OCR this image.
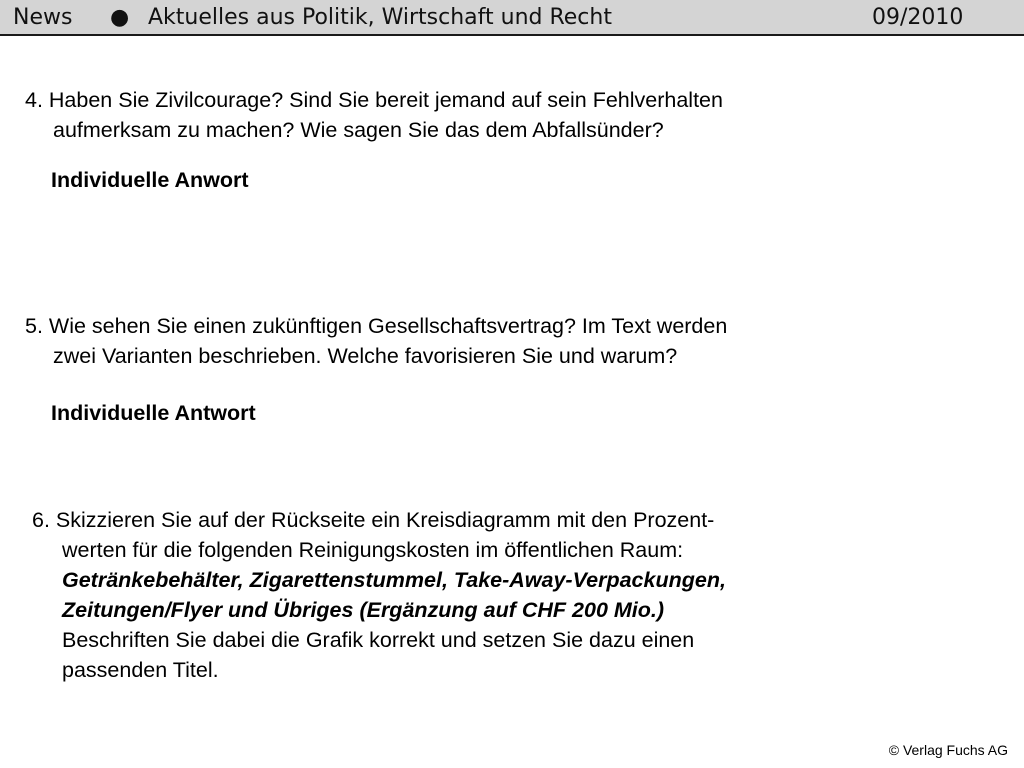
News ● Aktuelles aus Politik, Wirtschaft und Recht	09/2010
4. Haben Sie Zivilcourage? Sind Sie bereit jemand auf sein Fehlverhalten
aufmerksam zu machen? Wie sagen Sie das dem Abfallsünder?
Individuelle Anwort
5. Wie sehen Sie einen zukünftigen Gesellschaftsvertrag? Im Text werden
zwei Varianten beschrieben. Welche favorisieren Sie und warum?
Individuelle Antwort
6. Skizzieren Sie auf der Rückseite ein Kreisdiagramm mit den Prozent-
werten für die folgenden Reinigungskosten im öffentlichen Raum:
Getränkebehälter, Zigarettenstummel, Take-Away-Verpackungen,
Zeitungen/Flyer und Übriges (Ergänzung auf CHF 200 Mio.)
Beschriften Sie dabei die Grafik korrekt und setzen Sie dazu einen
passenden Titel.
© Verlag Fuchs AG
